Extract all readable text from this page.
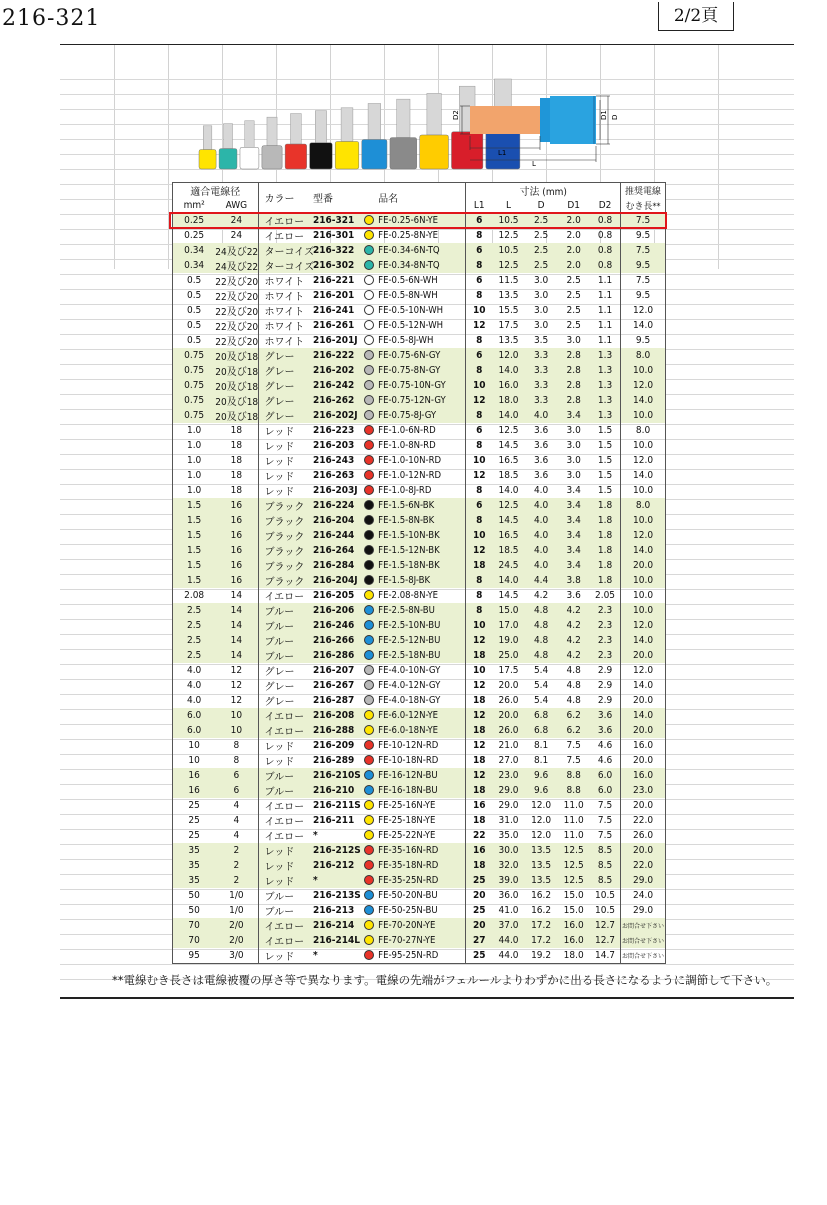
216-321	2/2頁
D2
L1
L
D1 D
適合電線径		カラー	型番		品名	寸法 (mm)					推奨電線
mm²	AWG					L1	L	D	D1	D2	むき長**
0.25	24	イエロー	216-321		FE-0.25-6N-YE	6	10.5	2.5	2.0	0.8	7.5
0.25	24	イエロー	216-301		FE-0.25-8N-YE	8	12.5	2.5	2.0	0.8	9.5
0.34	24及び22	ターコイズ	216-322		FE-0.34-6N-TQ	6	10.5	2.5	2.0	0.8	7.5
0.34	24及び22	ターコイズ	216-302		FE-0.34-8N-TQ	8	12.5	2.5	2.0	0.8	9.5
0.5	22及び20	ホワイト	216-221		FE-0.5-6N-WH	6	11.5	3.0	2.5	1.1	7.5
0.5	22及び20	ホワイト	216-201		FE-0.5-8N-WH	8	13.5	3.0	2.5	1.1	9.5
0.5	22及び20	ホワイト	216-241		FE-0.5-10N-WH	10	15.5	3.0	2.5	1.1	12.0
0.5	22及び20	ホワイト	216-261		FE-0.5-12N-WH	12	17.5	3.0	2.5	1.1	14.0
0.5	22及び20	ホワイト	216-201J		FE-0.5-8J-WH	8	13.5	3.5	3.0	1.1	9.5
0.75	20及び18	グレー	216-222		FE-0.75-6N-GY	6	12.0	3.3	2.8	1.3	8.0
0.75	20及び18	グレー	216-202		FE-0.75-8N-GY	8	14.0	3.3	2.8	1.3	10.0
0.75	20及び18	グレー	216-242		FE-0.75-10N-GY	10	16.0	3.3	2.8	1.3	12.0
0.75	20及び18	グレー	216-262		FE-0.75-12N-GY	12	18.0	3.3	2.8	1.3	14.0
0.75	20及び18	グレー	216-202J		FE-0.75-8J-GY	8	14.0	4.0	3.4	1.3	10.0
1.0	18	レッド	216-223		FE-1.0-6N-RD	6	12.5	3.6	3.0	1.5	8.0
1.0	18	レッド	216-203		FE-1.0-8N-RD	8	14.5	3.6	3.0	1.5	10.0
1.0	18	レッド	216-243		FE-1.0-10N-RD	10	16.5	3.6	3.0	1.5	12.0
1.0	18	レッド	216-263		FE-1.0-12N-RD	12	18.5	3.6	3.0	1.5	14.0
1.0	18	レッド	216-203J		FE-1.0-8J-RD	8	14.0	4.0	3.4	1.5	10.0
1.5	16	ブラック	216-224		FE-1.5-6N-BK	6	12.5	4.0	3.4	1.8	8.0
1.5	16	ブラック	216-204		FE-1.5-8N-BK	8	14.5	4.0	3.4	1.8	10.0
1.5	16	ブラック	216-244		FE-1.5-10N-BK	10	16.5	4.0	3.4	1.8	12.0
1.5	16	ブラック	216-264		FE-1.5-12N-BK	12	18.5	4.0	3.4	1.8	14.0
1.5	16	ブラック	216-284		FE-1.5-18N-BK	18	24.5	4.0	3.4	1.8	20.0
1.5	16	ブラック	216-204J		FE-1.5-8J-BK	8	14.0	4.4	3.8	1.8	10.0
2.08	14	イエロー	216-205		FE-2.08-8N-YE	8	14.5	4.2	3.6	2.05	10.0
2.5	14	ブルー	216-206		FE-2.5-8N-BU	8	15.0	4.8	4.2	2.3	10.0
2.5	14	ブルー	216-246		FE-2.5-10N-BU	10	17.0	4.8	4.2	2.3	12.0
2.5	14	ブルー	216-266		FE-2.5-12N-BU	12	19.0	4.8	4.2	2.3	14.0
2.5	14	ブルー	216-286		FE-2.5-18N-BU	18	25.0	4.8	4.2	2.3	20.0
4.0	12	グレー	216-207		FE-4.0-10N-GY	10	17.5	5.4	4.8	2.9	12.0
4.0	12	グレー	216-267		FE-4.0-12N-GY	12	20.0	5.4	4.8	2.9	14.0
4.0	12	グレー	216-287		FE-4.0-18N-GY	18	26.0	5.4	4.8	2.9	20.0
6.0	10	イエロー	216-208		FE-6.0-12N-YE	12	20.0	6.8	6.2	3.6	14.0
6.0	10	イエロー	216-288		FE-6.0-18N-YE	18	26.0	6.8	6.2	3.6	20.0
10	8	レッド	216-209		FE-10-12N-RD	12	21.0	8.1	7.5	4.6	16.0
10	8	レッド	216-289		FE-10-18N-RD	18	27.0	8.1	7.5	4.6	20.0
16	6	ブルー	216-210S		FE-16-12N-BU	12	23.0	9.6	8.8	6.0	16.0
16	6	ブルー	216-210		FE-16-18N-BU	18	29.0	9.6	8.8	6.0	23.0
25	4	イエロー	216-211S		FE-25-16N-YE	16	29.0	12.0	11.0	7.5	20.0
25	4	イエロー	216-211		FE-25-18N-YE	18	31.0	12.0	11.0	7.5	22.0
25	4	イエロー	*		FE-25-22N-YE	22	35.0	12.0	11.0	7.5	26.0
35	2	レッド	216-212S		FE-35-16N-RD	16	30.0	13.5	12.5	8.5	20.0
35	2	レッド	216-212		FE-35-18N-RD	18	32.0	13.5	12.5	8.5	22.0
35	2	レッド	*		FE-35-25N-RD	25	39.0	13.5	12.5	8.5	29.0
50	1/0	ブルー	216-213S		FE-50-20N-BU	20	36.0	16.2	15.0	10.5	24.0
50	1/0	ブルー	216-213		FE-50-25N-BU	25	41.0	16.2	15.0	10.5	29.0
70	2/0	イエロー	216-214		FE-70-20N-YE	20	37.0	17.2	16.0	12.7	お問合せ下さい
70	2/0	イエロー	216-214L		FE-70-27N-YE	27	44.0	17.2	16.0	12.7	お問合せ下さい
95	3/0	レッド	*		FE-95-25N-RD	25	44.0	19.2	18.0	14.7	お問合せ下さい
**電線むき長さは電線被覆の厚さ等で異なります。電線の先端がフェルールよりわずかに出る長さになるように調節して下さい。
